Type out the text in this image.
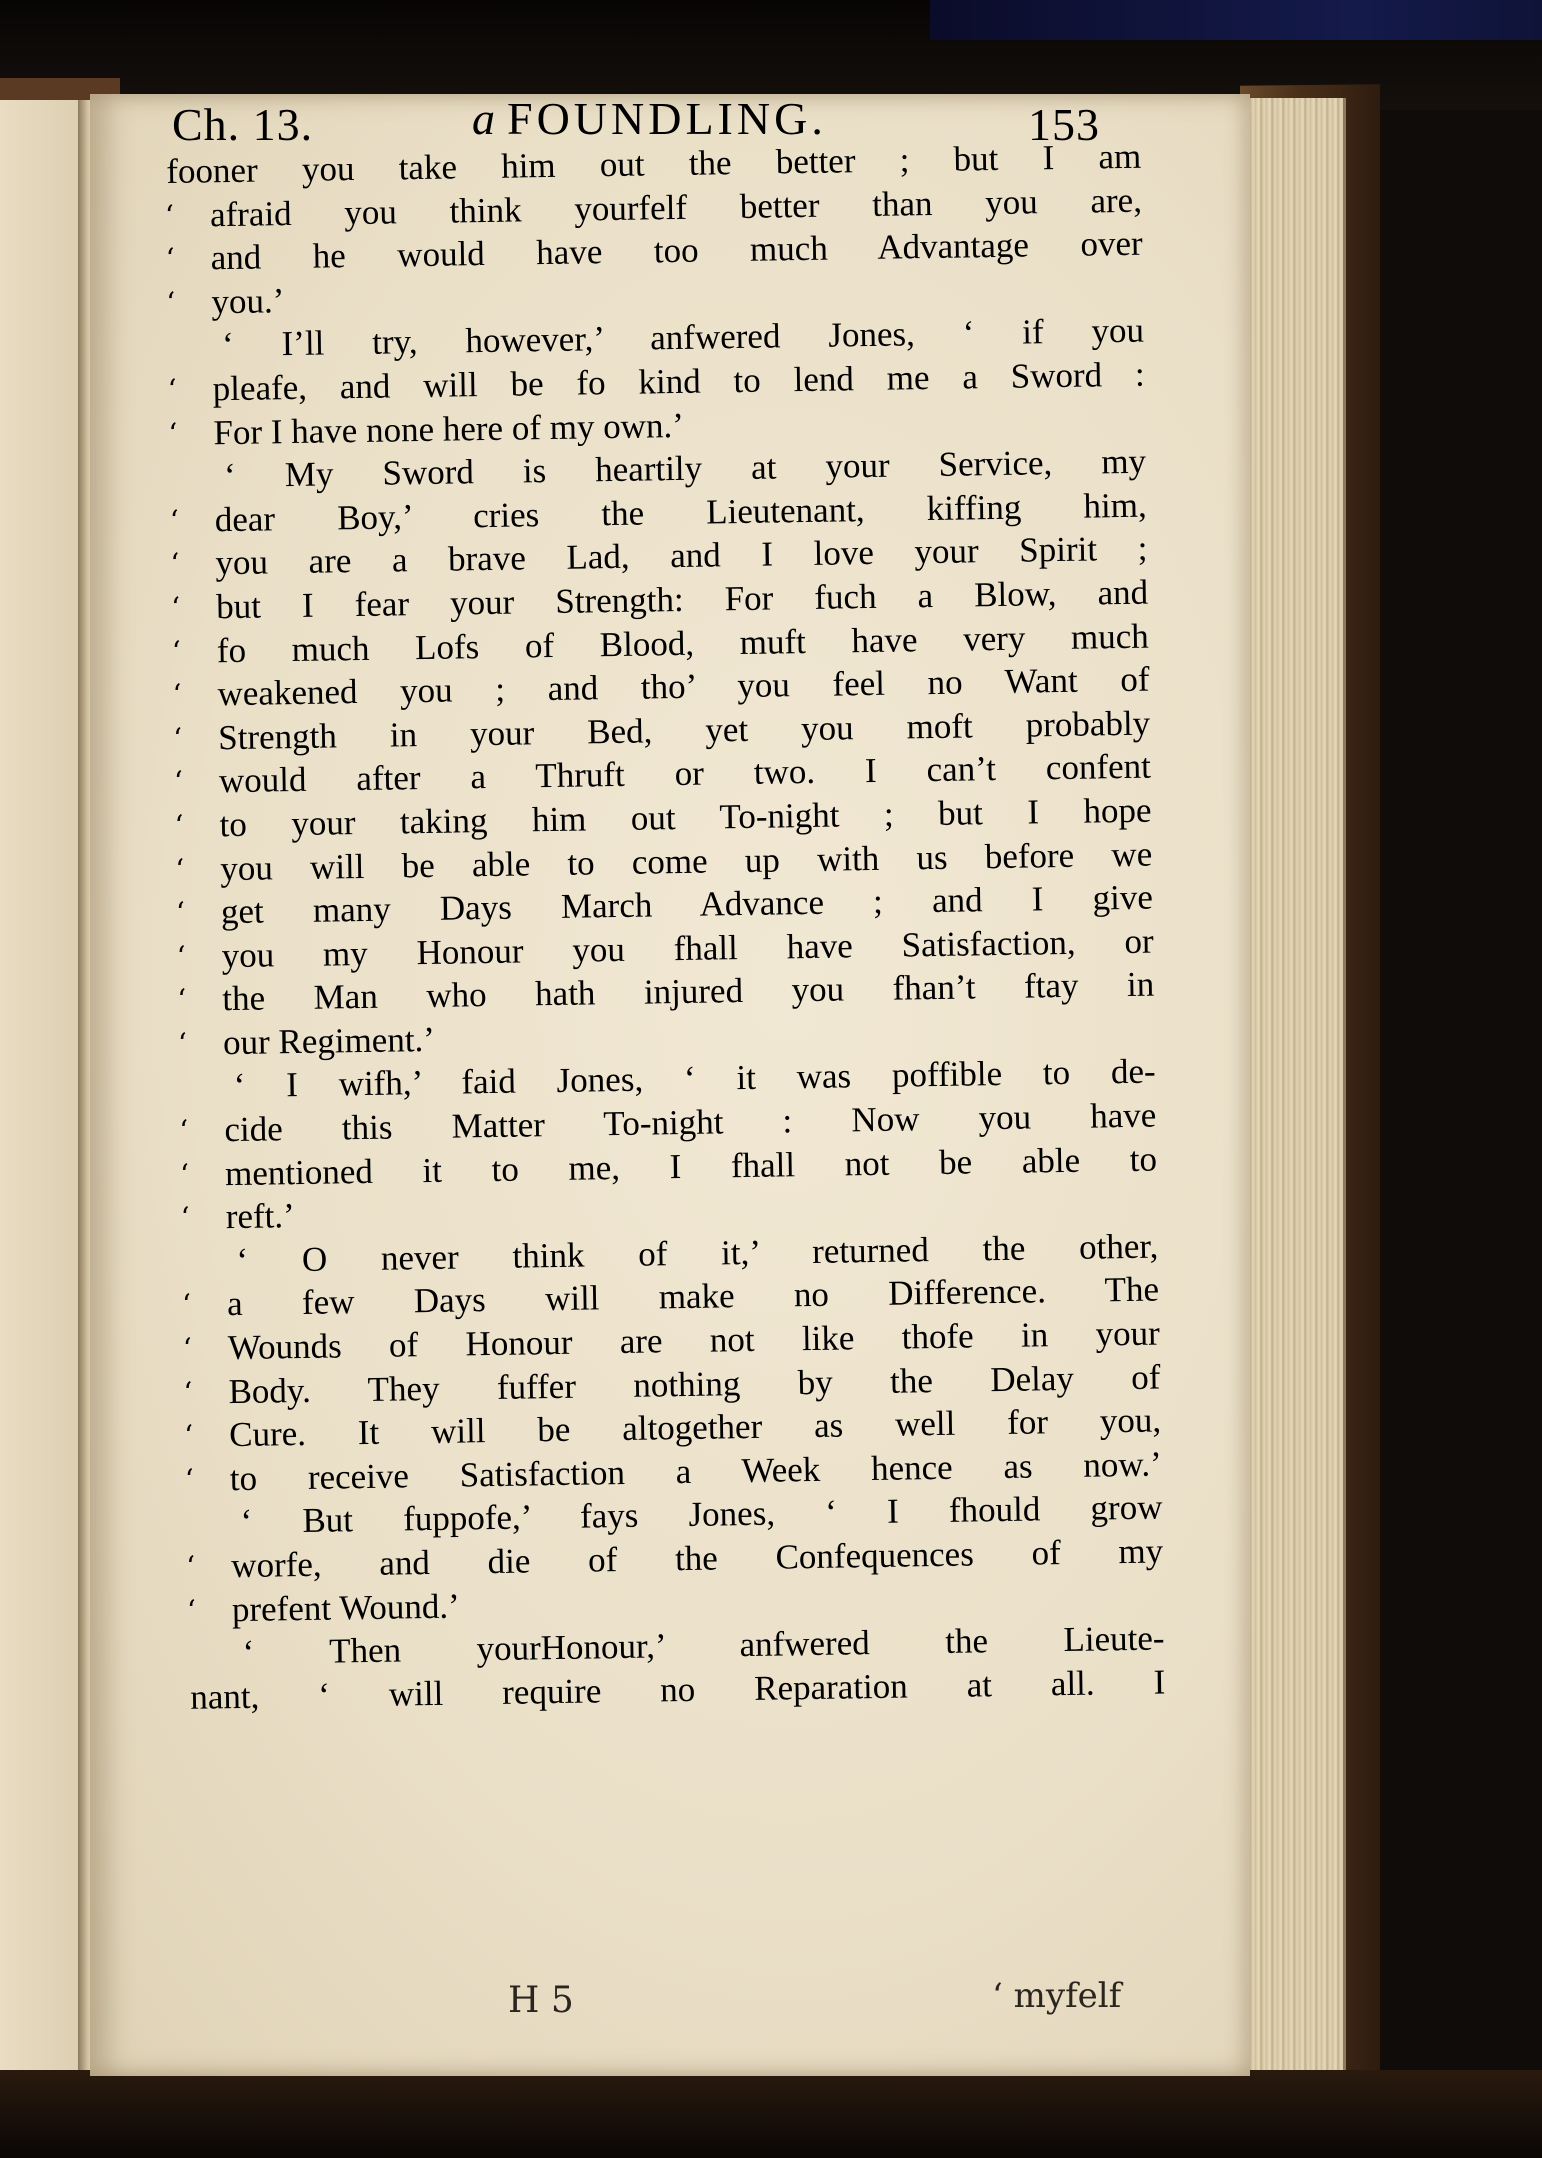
Ch. 13.	a FOUNDLING.	153
fooner you take him out the better ; but I am
‘	afraid you think yourfelf better than you are,
‘	and he would have too much Advantage over
‘	you.’
‘ I’ll try, however,’ anfwered Jones, ‘ if you
‘	pleafe, and will be fo kind to lend me a Sword :
‘	For I have none here of my own.’
‘ My Sword is heartily at your Service, my
‘	dear Boy,’ cries the Lieutenant, kiffing him,
‘	you are a brave Lad, and I love your Spirit ;
‘	but I fear your Strength: For fuch a Blow, and
‘	fo much Lofs of Blood, muft have very much
‘	weakened you ; and tho’ you feel no Want of
‘	Strength in your Bed, yet you moft probably
‘	would after a Thruft or two. I can’t confent
‘	to your taking him out To-night ; but I hope
‘	you will be able to come up with us before we
‘	get many Days March Advance ; and I give
‘	you my Honour you fhall have Satisfaction, or
‘	the Man who hath injured you fhan’t ftay in
‘	our Regiment.’
‘ I wifh,’ faid Jones, ‘ it was poffible to de-
‘	cide this Matter To-night : Now you have
‘	mentioned it to me, I fhall not be able to
‘	reft.’
‘ O never think of it,’ returned the other,
‘	a few Days will make no Difference. The
‘	Wounds of Honour are not like thofe in your
‘	Body. They fuffer nothing by the Delay of
‘	Cure. It will be altogether as well for you,
‘	to receive Satisfaction a Week hence as now.’
‘ But fuppofe,’ fays Jones, ‘ I fhould grow
‘	worfe, and die of the Confequences of my
‘	prefent Wound.’
‘ Then yourHonour,’ anfwered the Lieute-
nant, ‘ will require no Reparation at all. I
H 5	‘ myfelf
